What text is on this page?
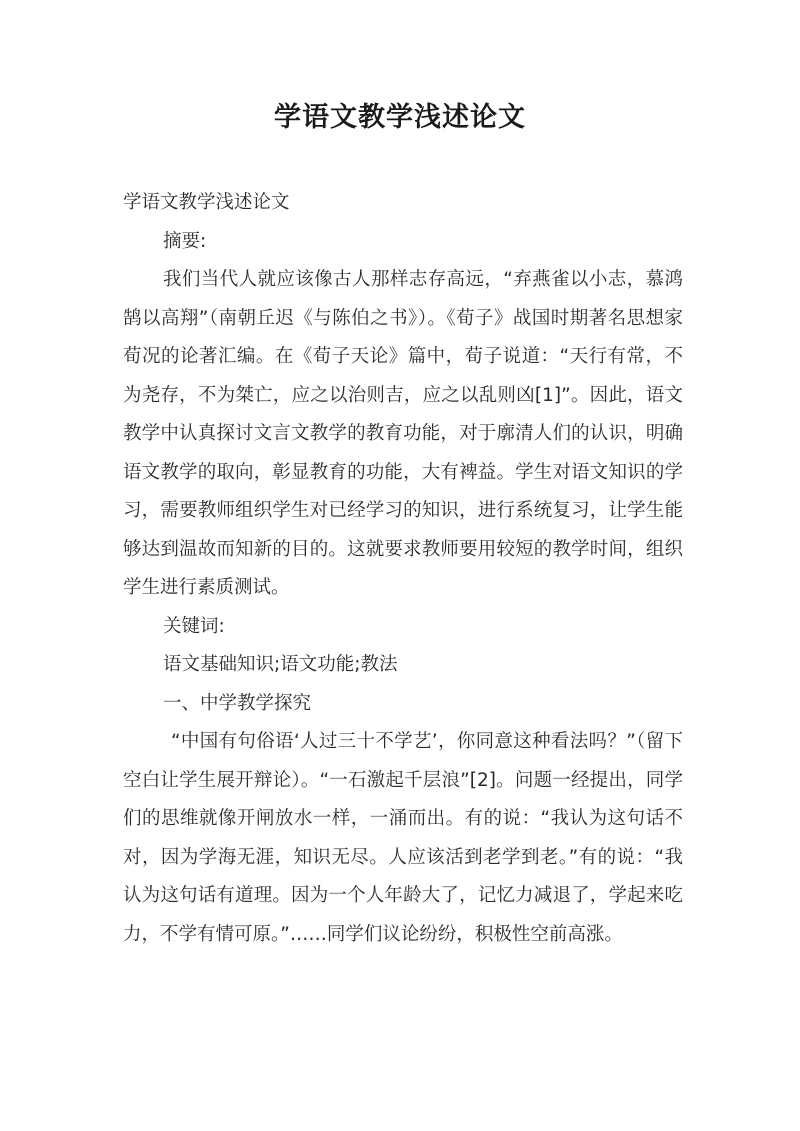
学语文教学浅述论文

学语文教学浅述论文

摘要:

我们当代人就应该像古人那样志存高远，“弃燕雀以小志，慕鸿鹄以高翔”（南朝丘迟《与陈伯之书》）。《荀子》战国时期著名思想家荀况的论著汇编。在《荀子天论》篇中，荀子说道：“天行有常，不为尧存，不为桀亡，应之以治则吉，应之以乱则凶[1]”。因此，语文教学中认真探讨文言文教学的教育功能，对于廓清人们的认识，明确语文教学的取向，彰显教育的功能，大有裨益。学生对语文知识的学习，需要教师组织学生对已经学习的知识，进行系统复习，让学生能够达到温故而知新的目的。这就要求教师要用较短的教学时间，组织学生进行素质测试。

关键词:

语文基础知识;语文功能;教法

一、中学教学探究

“中国有句俗语‘人过三十不学艺’，你同意这种看法吗？”（留下空白让学生展开辩论）。“一石激起千层浪”[2]。问题一经提出，同学们的思维就像开闸放水一样，一涌而出。有的说：“我认为这句话不对，因为学海无涯，知识无尽。人应该活到老学到老。”有的说：“我认为这句话有道理。因为一个人年龄大了，记忆力减退了，学起来吃力，不学有情可原。”……同学们议论纷纷，积极性空前高涨。
